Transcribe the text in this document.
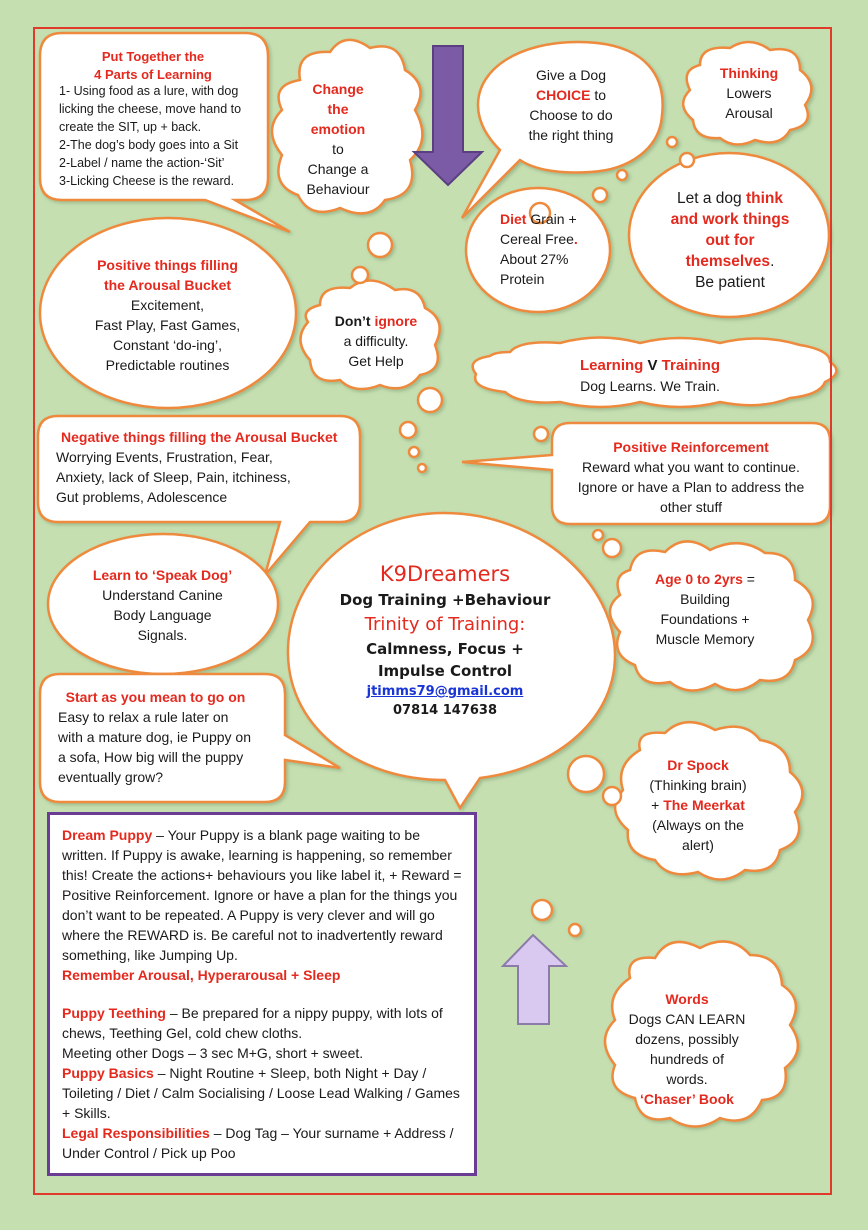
Put Together the
4 Parts of Learning
1- Using food as a lure, with dog
licking the cheese, move hand to
create the SIT, up + back.
2-The dog’s body goes into a Sit
2-Label / name the action-‘Sit’
3-Licking Cheese is the reward.
Change
the
emotion
to
Change a
Behaviour
Give a Dog
CHOICE to
Choose to do
the right thing
Thinking
Lowers
Arousal
Let a dog think
and work things
out for
themselves.
Be patient
Diet Grain +
Cereal Free.
About 27%
Protein
Positive things filling
the Arousal Bucket
Excitement,
Fast Play, Fast Games,
Constant ‘do-ing’,
Predictable routines
Don’t ignore
a difficulty.
Get Help	Learning V Training
Dog Learns. We Train.
Negative things filling the Arousal Bucket
Worrying Events, Frustration, Fear,
Anxiety, lack of Sleep, Pain, itchiness,
Gut problems, Adolescence
Positive Reinforcement
Reward what you want to continue.
Ignore or have a Plan to address the
other stuff
Learn to ‘Speak Dog’
Understand Canine
Body Language
Signals.
K9Dreamers
Dog Training +Behaviour
Trinity of Training:
Calmness, Focus +
Impulse Control
jtimms79@gmail.com
07814 147638
Age 0 to 2yrs =
Building
Foundations +
Muscle Memory
Start as you mean to go on
Easy to relax a rule later on
with a mature dog, ie Puppy on
a sofa, How big will the puppy
eventually grow?
Dr Spock
(Thinking brain)
+ The Meerkat
(Always on the
alert)
Words
Dogs CAN LEARN
dozens, possibly
hundreds of
words.
‘Chaser’ Book

Dream Puppy – Your Puppy is a blank page waiting to be written. If Puppy is awake, learning is happening, so remember this! Create the actions+ behaviours you like label it, + Reward = Positive Reinforcement. Ignore or have a plan for the things you don’t want to be repeated. A Puppy is very clever and will go where the REWARD is. Be careful not to inadvertently reward something, like Jumping Up.

Remember Arousal, Hyperarousal + Sleep

Puppy Teething – Be prepared for a nippy puppy, with lots of chews, Teething Gel, cold chew cloths.

Meeting other Dogs – 3 sec M+G, short + sweet.

Puppy Basics – Night Routine + Sleep, both Night + Day / Toileting / Diet / Calm Socialising / Loose Lead Walking / Games + Skills.

Legal Responsibilities – Dog Tag – Your surname + Address / Under Control / Pick up Poo
